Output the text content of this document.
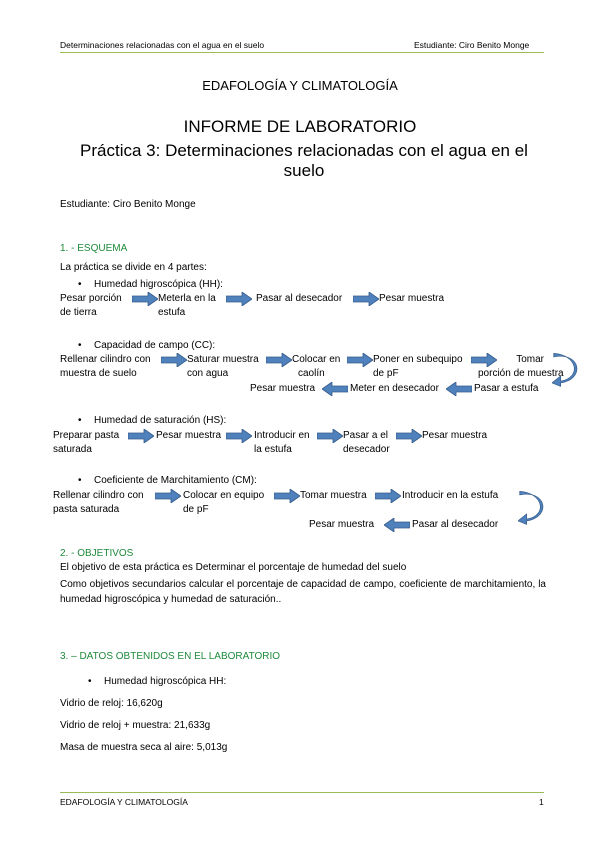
Determinaciones relacionadas con el agua en el suelo	Estudiante: Ciro Benito Monge
EDAFOLOGÍA Y CLIMATOLOGÍA
INFORME DE LABORATORIO
Práctica 3: Determinaciones relacionadas con el agua en el suelo
Estudiante: Ciro Benito Monge
1. - ESQUEMA
La práctica se divide en 4 partes:
• Humedad higroscópica (HH):
Pesar porción
de tierra
Meterla en la
estufa
Pasar al desecador	Pesar muestra
• Capacidad de campo (CC):
Rellenar cilindro con
muestra de suelo
Saturar muestra
con agua
Colocar en
caolín
Poner en subequipo
de pF
Tomar
porción de muestra
Pasar a estufa
Meter en desecador
Pesar muestra
• Humedad de saturación (HS):
Preparar pasta
saturada
Pesar muestra	Introducir en
la estufa
Pasar a el
desecador
Pesar muestra
• Coeficiente de Marchitamiento (CM):
Rellenar cilindro con
pasta saturada
Colocar en equipo
de pF
Tomar muestra	Introducir en la estufa
Pasar al desecador
Pesar muestra
2. - OBJETIVOS
El objetivo de esta práctica es Determinar el porcentaje de humedad del suelo
Como objetivos secundarios calcular el porcentaje de capacidad de campo, coeficiente de marchitamiento, la humedad higroscópica y humedad de saturación..
3. – DATOS OBTENIDOS EN EL LABORATORIO
• Humedad higroscópica HH:
Vidrio de reloj: 16,620g
Vidrio de reloj + muestra: 21,633g
Masa de muestra seca al aire: 5,013g
EDAFOLOGÍA Y CLIMATOLOGÍA	1
